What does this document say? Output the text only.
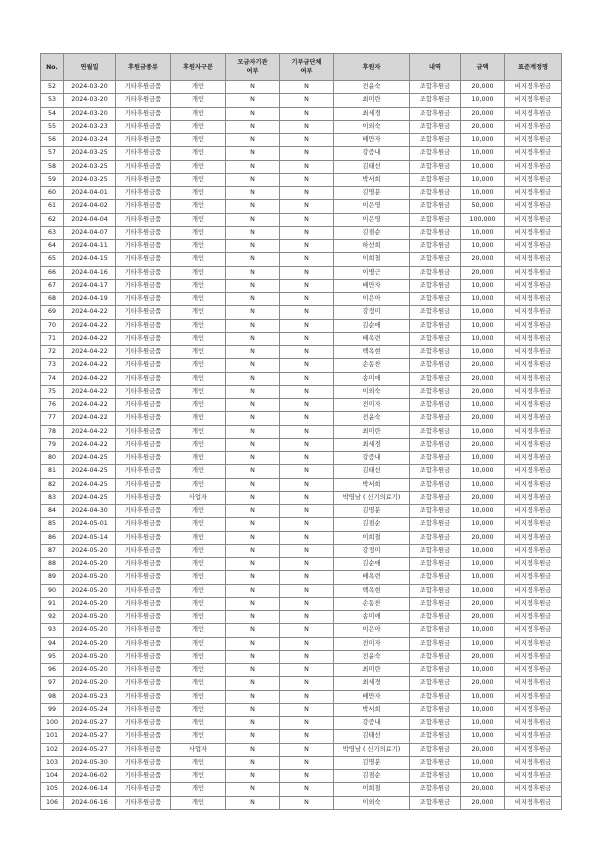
No.	연월일	후원금종류	후원자구분	모금자기관
여부	기부금단체
여부	후원자	내역	금액	표준계정명
52	2024-03-20	기타후원금품	개인	N	N	전윤숙	조합후원금	20,000	비지정후원금
53	2024-03-20	기타후원금품	개인	N	N	최미란	조합후원금	10,000	비지정후원금
54	2024-03-20	기타후원금품	개인	N	N	최세경	조합후원금	20,000	비지정후원금
55	2024-03-23	기타후원금품	개인	N	N	이외숙	조합후원금	20,000	비지정후원금
56	2024-03-24	기타후원금품	개인	N	N	배만자	조합후원금	10,000	비지정후원금
57	2024-03-25	기타후원금품	개인	N	N	강증내	조합후원금	10,000	비지정후원금
58	2024-03-25	기타후원금품	개인	N	N	김태선	조합후원금	10,000	비지정후원금
59	2024-03-25	기타후원금품	개인	N	N	박서희	조합후원금	10,000	비지정후원금
60	2024-04-01	기타후원금품	개인	N	N	김명분	조합후원금	10,000	비지정후원금
61	2024-04-02	기타후원금품	개인	N	N	이은영	조합후원금	50,000	비지정후원금
62	2024-04-04	기타후원금품	개인	N	N	이은영	조합후원금	100,000	비지정후원금
63	2024-04-07	기타후원금품	개인	N	N	김점순	조합후원금	10,000	비지정후원금
64	2024-04-11	기타후원금품	개인	N	N	하선희	조합후원금	10,000	비지정후원금
65	2024-04-15	기타후원금품	개인	N	N	이희철	조합후원금	20,000	비지정후원금
66	2024-04-16	기타후원금품	개인	N	N	이병근	조합후원금	20,000	비지정후원금
67	2024-04-17	기타후원금품	개인	N	N	배만자	조합후원금	10,000	비지정후원금
68	2024-04-19	기타후원금품	개인	N	N	이은아	조합후원금	10,000	비지정후원금
69	2024-04-22	기타후원금품	개인	N	N	강정미	조합후원금	10,000	비지정후원금
70	2024-04-22	기타후원금품	개인	N	N	김순애	조합후원금	10,000	비지정후원금
71	2024-04-22	기타후원금품	개인	N	N	배옥련	조합후원금	10,000	비지정후원금
72	2024-04-22	기타후원금품	개인	N	N	백옥현	조합후원금	10,000	비지정후원금
73	2024-04-22	기타후원금품	개인	N	N	손동찬	조합후원금	20,000	비지정후원금
74	2024-04-22	기타후원금품	개인	N	N	송미애	조합후원금	20,000	비지정후원금
75	2024-04-22	기타후원금품	개인	N	N	이외숙	조합후원금	20,000	비지정후원금
76	2024-04-22	기타후원금품	개인	N	N	전미자	조합후원금	10,000	비지정후원금
77	2024-04-22	기타후원금품	개인	N	N	전윤숙	조합후원금	20,000	비지정후원금
78	2024-04-22	기타후원금품	개인	N	N	최미란	조합후원금	10,000	비지정후원금
79	2024-04-22	기타후원금품	개인	N	N	최세경	조합후원금	20,000	비지정후원금
80	2024-04-25	기타후원금품	개인	N	N	강증내	조합후원금	10,000	비지정후원금
81	2024-04-25	기타후원금품	개인	N	N	김태선	조합후원금	10,000	비지정후원금
82	2024-04-25	기타후원금품	개인	N	N	박서희	조합후원금	10,000	비지정후원금
83	2024-04-25	기타후원금품	사업자	N	N	박영남 ( 신기의료기)	조합후원금	20,000	비지정후원금
84	2024-04-30	기타후원금품	개인	N	N	김명분	조합후원금	10,000	비지정후원금
85	2024-05-01	기타후원금품	개인	N	N	김점순	조합후원금	10,000	비지정후원금
86	2024-05-14	기타후원금품	개인	N	N	이희철	조합후원금	20,000	비지정후원금
87	2024-05-20	기타후원금품	개인	N	N	강정미	조합후원금	10,000	비지정후원금
88	2024-05-20	기타후원금품	개인	N	N	김순애	조합후원금	10,000	비지정후원금
89	2024-05-20	기타후원금품	개인	N	N	배옥련	조합후원금	10,000	비지정후원금
90	2024-05-20	기타후원금품	개인	N	N	백옥현	조합후원금	10,000	비지정후원금
91	2024-05-20	기타후원금품	개인	N	N	손동찬	조합후원금	20,000	비지정후원금
92	2024-05-20	기타후원금품	개인	N	N	송미애	조합후원금	20,000	비지정후원금
93	2024-05-20	기타후원금품	개인	N	N	이은아	조합후원금	10,000	비지정후원금
94	2024-05-20	기타후원금품	개인	N	N	전미자	조합후원금	10,000	비지정후원금
95	2024-05-20	기타후원금품	개인	N	N	전윤숙	조합후원금	20,000	비지정후원금
96	2024-05-20	기타후원금품	개인	N	N	최미란	조합후원금	10,000	비지정후원금
97	2024-05-20	기타후원금품	개인	N	N	최세경	조합후원금	20,000	비지정후원금
98	2024-05-23	기타후원금품	개인	N	N	배만자	조합후원금	10,000	비지정후원금
99	2024-05-24	기타후원금품	개인	N	N	박서희	조합후원금	10,000	비지정후원금
100	2024-05-27	기타후원금품	개인	N	N	강증내	조합후원금	10,000	비지정후원금
101	2024-05-27	기타후원금품	개인	N	N	김태선	조합후원금	10,000	비지정후원금
102	2024-05-27	기타후원금품	사업자	N	N	박영남 ( 신기의료기)	조합후원금	20,000	비지정후원금
103	2024-05-30	기타후원금품	개인	N	N	김명분	조합후원금	10,000	비지정후원금
104	2024-06-02	기타후원금품	개인	N	N	김점순	조합후원금	10,000	비지정후원금
105	2024-06-14	기타후원금품	개인	N	N	이희철	조합후원금	20,000	비지정후원금
106	2024-06-16	기타후원금품	개인	N	N	이외숙	조합후원금	20,000	비지정후원금
